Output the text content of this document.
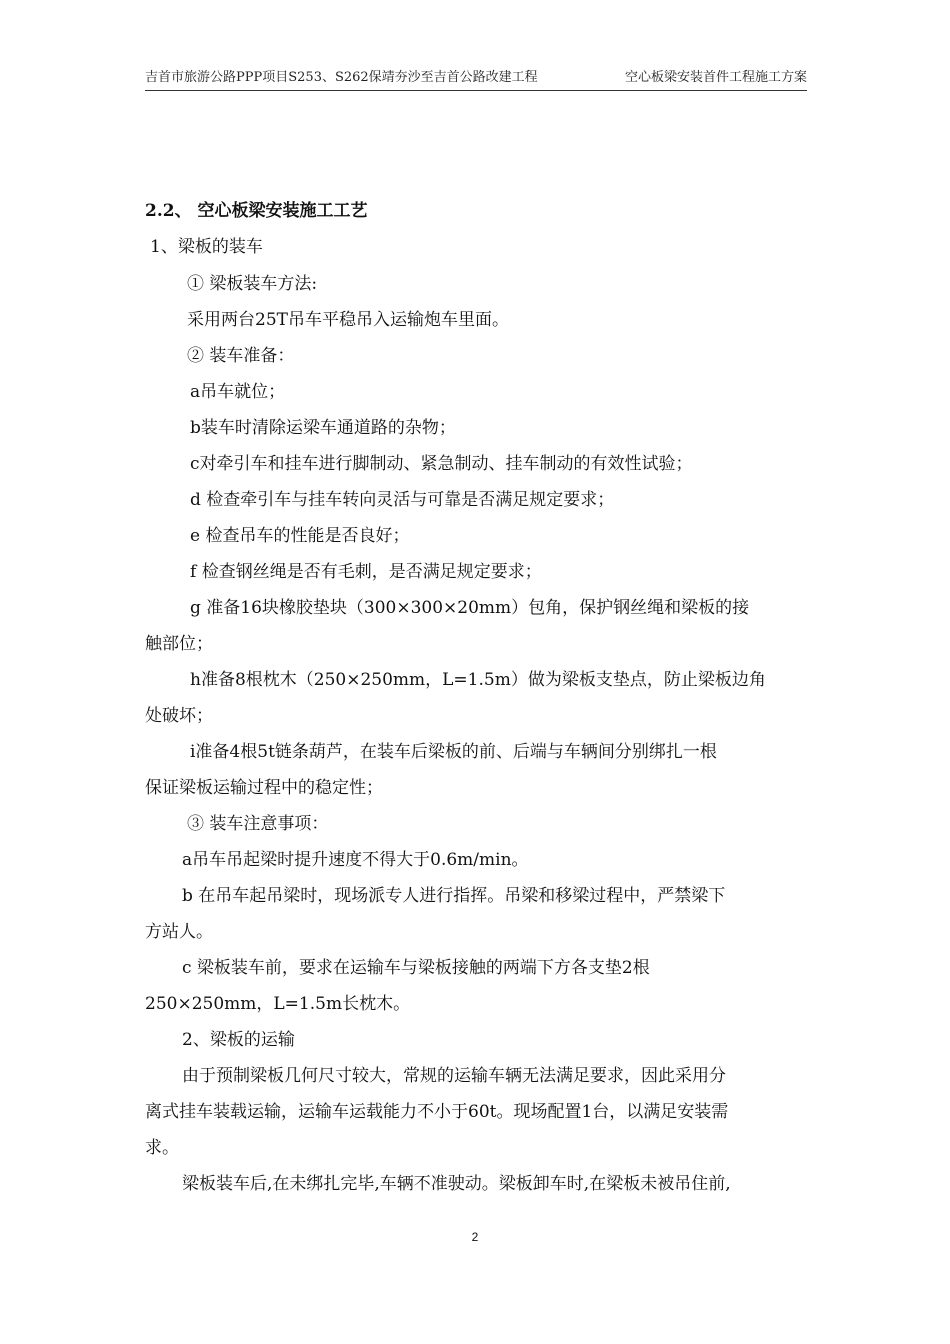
吉首市旅游公路PPP项目S253、S262保靖夯沙至吉首公路改建工程	空心板梁安装首件工程施工方案
2.2、 空心板梁安装施工工艺
1、梁板的装车
① 梁板装车方法:
采用两台25T吊车平稳吊入运输炮车里面。
② 装车准备：
a吊车就位；
b装车时清除运梁车通道路的杂物；
c对牵引车和挂车进行脚制动、紧急制动、挂车制动的有效性试验；
d 检查牵引车与挂车转向灵活与可靠是否满足规定要求；
e 检查吊车的性能是否良好；
f 检查钢丝绳是否有毛刺，是否满足规定要求；
g 准备16块橡胶垫块（300×300×20mm）包角，保护钢丝绳和梁板的接
触部位；
h准备8根枕木（250×250mm，L=1.5m）做为梁板支垫点，防止梁板边角
处破坏；
i准备4根5t链条葫芦，在装车后梁板的前、后端与车辆间分别绑扎一根
保证梁板运输过程中的稳定性；
③ 装车注意事项：
a吊车吊起梁时提升速度不得大于0.6m/min。
b 在吊车起吊梁时，现场派专人进行指挥。吊梁和移梁过程中，严禁梁下
方站人。
c 梁板装车前，要求在运输车与梁板接触的两端下方各支垫2根
250×250mm，L=1.5m长枕木。
2、梁板的运输
由于预制梁板几何尺寸较大，常规的运输车辆无法满足要求，因此采用分
离式挂车装载运输，运输车运载能力不小于60t。现场配置1台，以满足安装需
求。
梁板装车后,在未绑扎完毕,车辆不准驶动。梁板卸车时,在梁板未被吊住前,
2
